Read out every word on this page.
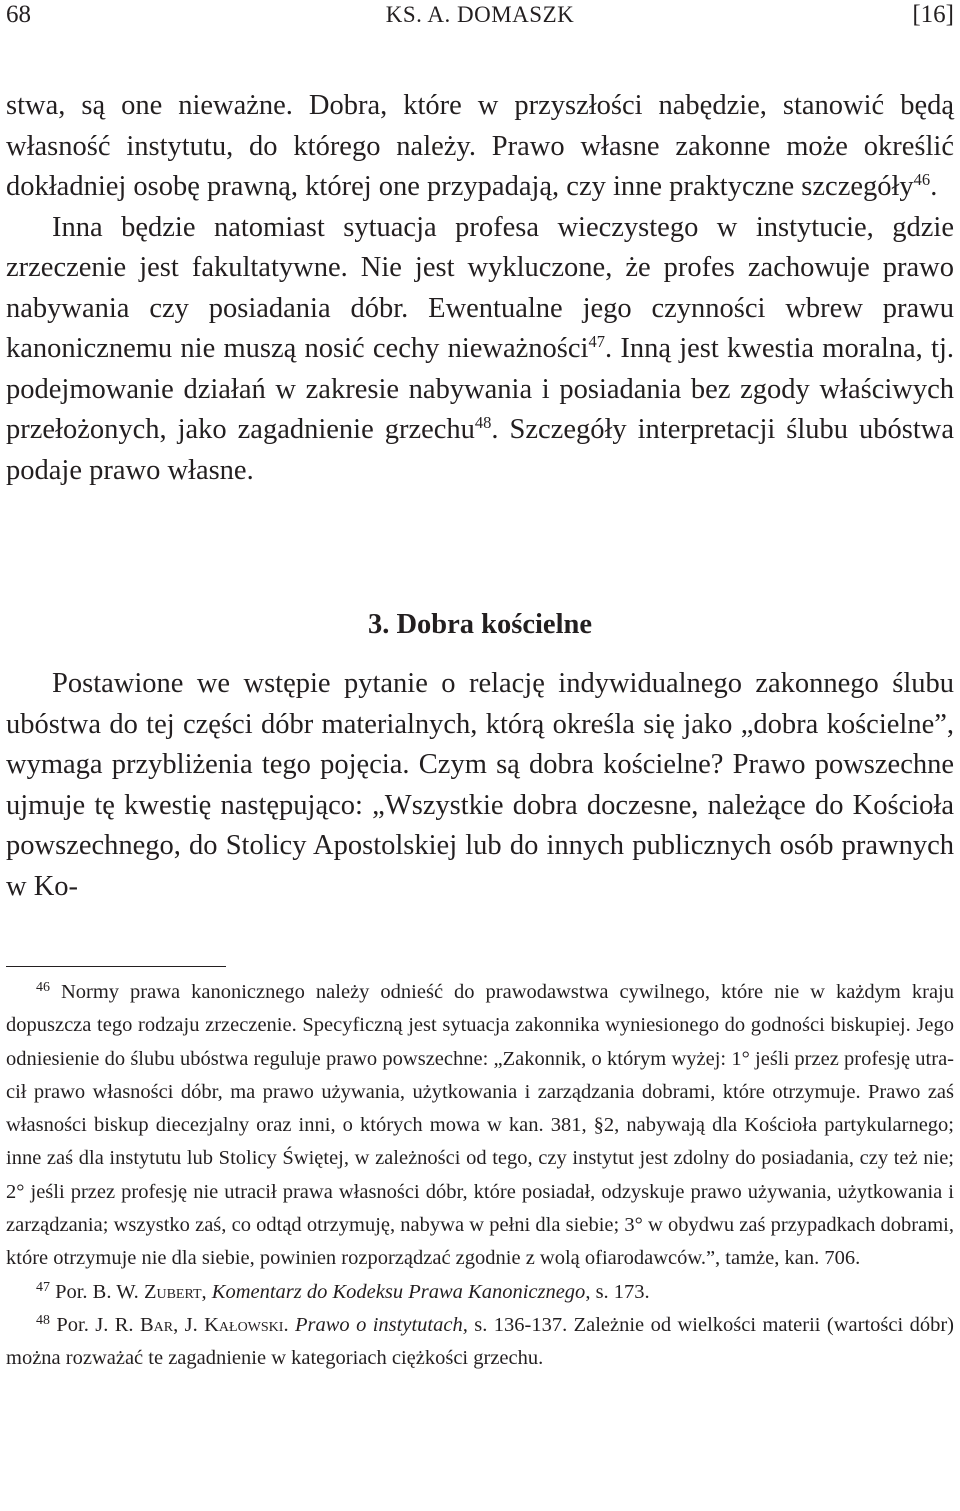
68	KS. A. DOMASZK	[16]

stwa, są one nieważne. Dobra, które w przyszłości nabędzie, stanowić będą własność instytutu, do którego należy. Prawo własne zakonne może określić dokładniej osobę prawną, której one przypadają, czy inne praktyczne szczegóły$^{46}$.

Inna będzie natomiast sytuacja profesa wieczystego w instytucie, gdzie zrzeczenie jest fakultatywne. Nie jest wykluczone, że profes zachowuje prawo nabywania czy posiadania dóbr. Ewentualne jego czynności wbrew prawu kanonicznemu nie muszą nosić cechy nieważności$^{47}$. Inną jest kwestia moralna, tj. podejmowanie działań w zakresie nabywania i posiadania bez zgody właściwych przełożonych, jako zagadnienie grzechu$^{48}$. Szczegóły interpretacji ślubu ubóstwa podaje prawo własne.

3. Dobra kościelne

Postawione we wstępie pytanie o relację indywidualnego zakonnego ślubu ubóstwa do tej części dóbr materialnych, którą określa się jako „dobra kościelne”, wymaga przybliżenia tego pojęcia. Czym są dobra kościelne? Prawo powszechne ujmuje tę kwestię następująco: „Wszystkie dobra doczesne, należące do Kościoła powszechnego, do Stolicy Apostolskiej lub do innych publicznych osób prawnych w Ko-

$^{46}$ Normy prawa kanonicznego należy odnieść do prawodawstwa cywilnego, które nie w każdym kraju dopuszcza tego rodzaju zrzeczenie. Specyficzną jest sytuacja zakonnika wyniesionego do godności biskupiej. Jego odniesienie do ślubu ubóstwa reguluje prawo powszechne: „Zakonnik, o którym wyżej: 1° jeśli przez profesję utracił prawo własności dóbr, ma prawo używania, użytkowania i zarządzania dobrami, które otrzymuje. Prawo zaś własności biskup diecezjalny oraz inni, o których mowa w kan. 381, §2, nabywają dla Kościoła partykularnego; inne zaś dla instytutu lub Stolicy Świętej, w zależności od tego, czy instytut jest zdolny do posiadania, czy też nie; 2° jeśli przez profesję nie utracił prawa własności dóbr, które posiadał, odzyskuje prawo używania, użytkowania i zarządzania; wszystko zaś, co odtąd otrzymuję, nabywa w pełni dla siebie; 3° w obydwu zaś przypadkach dobrami, które otrzymuje nie dla siebie, powinien rozporządzać zgodnie z wolą ofiarodawców.”, tamże, kan. 706.

$^{47}$ Por. B. W. Zubert, Komentarz do Kodeksu Prawa Kanonicznego, s. 173.

$^{48}$ Por. J. R. Bar, J. Kałowski. Prawo o instytutach, s. 136-137. Zależnie od wielkości materii (wartości dóbr) można rozważać te zagadnienie w kategoriach ciężkości grzechu.
